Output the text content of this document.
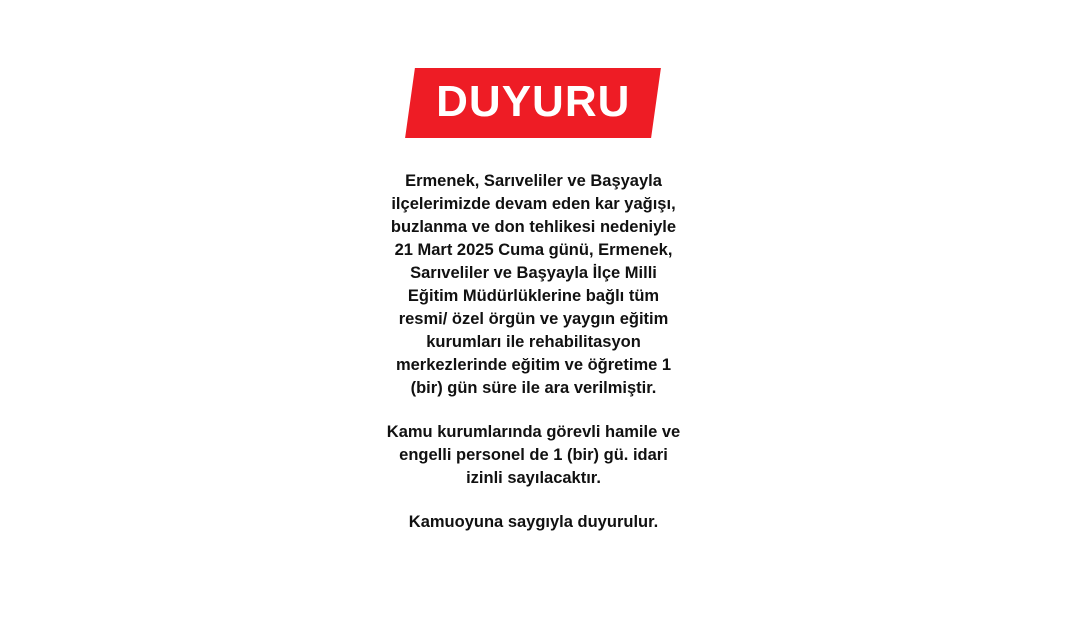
DUYURU

Ermenek, Sarıveliler ve Başyayla ilçelerimizde devam eden kar yağışı, buzlanma ve don tehlikesi nedeniyle 21 Mart 2025 Cuma günü, Ermenek, Sarıveliler ve Başyayla İlçe Milli Eğitim Müdürlüklerine bağlı tüm resmi/ özel örgün ve yaygın eğitim kurumları ile rehabilitasyon merkezlerinde eğitim ve öğretime 1 (bir) gün süre ile ara verilmiştir.

Kamu kurumlarında görevli hamile ve engelli personel de 1 (bir) gü. idari izinli sayılacaktır.

Kamuoyuna saygıyla duyurulur.
